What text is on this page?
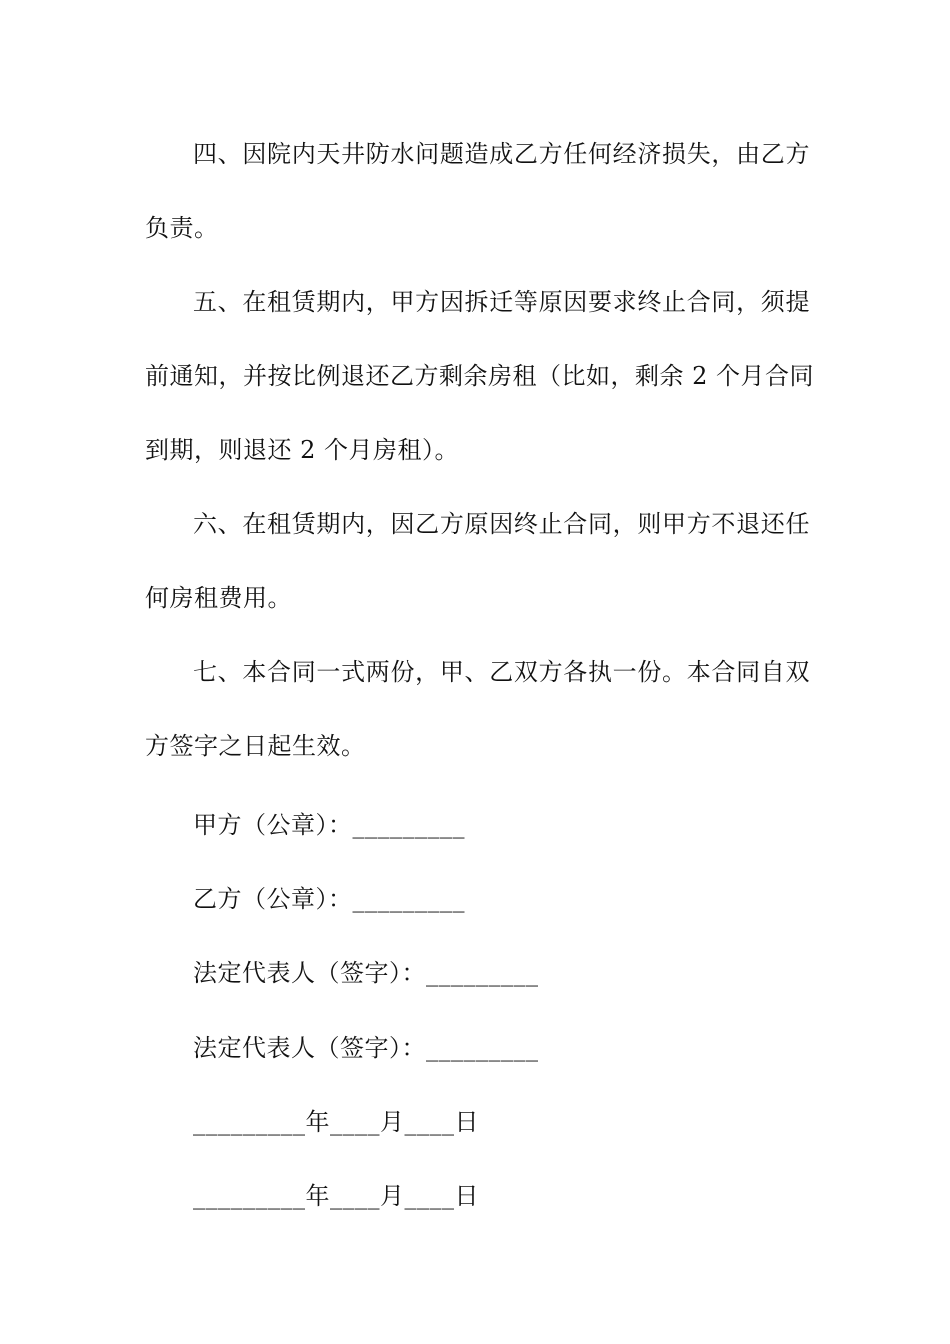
四、因院内天井防水问题造成乙方任何经济损失，由乙方
负责。
五、在租赁期内，甲方因拆迁等原因要求终止合同，须提
前通知，并按比例退还乙方剩余房租（比如，剩余 2 个月合同
到期，则退还 2 个月房租）。
六、在租赁期内，因乙方原因终止合同，则甲方不退还任
何房租费用。
七、本合同一式两份，甲、乙双方各执一份。本合同自双
方签字之日起生效。
甲方（公章）：_________
乙方（公章）：_________
法定代表人（签字）：_________
法定代表人（签字）：_________
_________年____月____日
_________年____月____日
